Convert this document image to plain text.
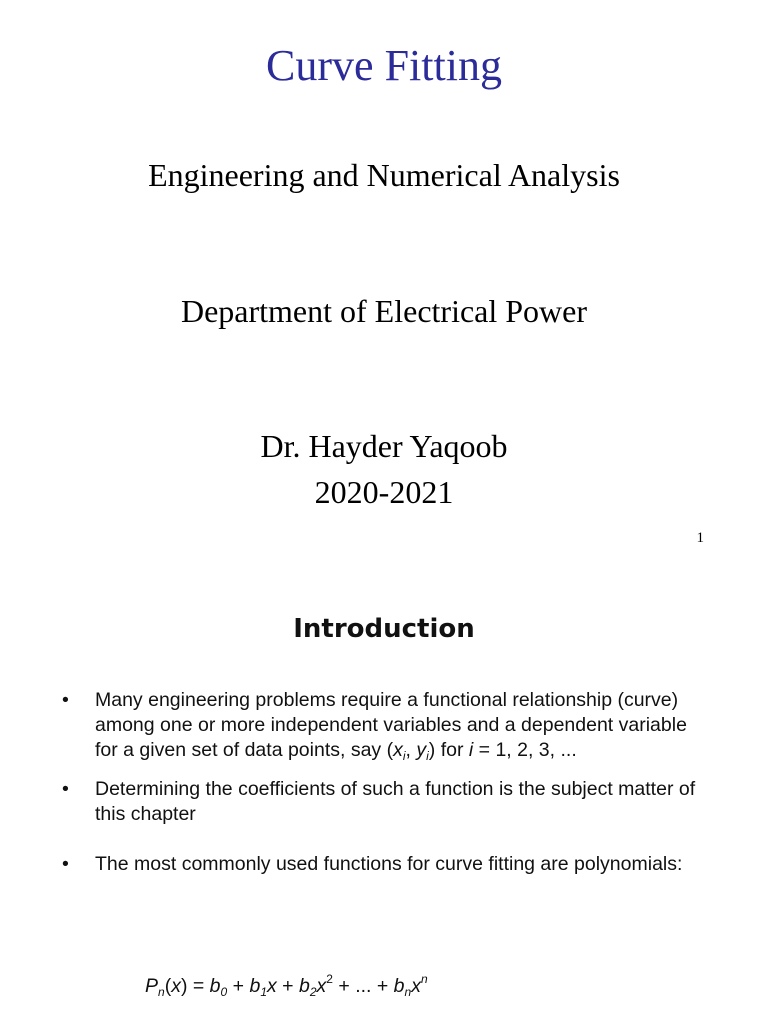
Curve Fitting
Engineering and Numerical Analysis
Department of Electrical Power
Dr. Hayder Yaqoob
2020-2021
1
Introduction
• Many engineering problems require a functional relationship (curve) among one or more independent variables and a dependent variable for a given set of data points, say ($x_i$, $y_i$) for i = 1, 2, 3, ...
• Determining the coefficients of such a function is the subject matter of this chapter
• The most commonly used functions for curve fitting are polynomials:
$P_n(x) = b_0 + b_1x + b_2x^2$ + ... + $b_nx^n$
